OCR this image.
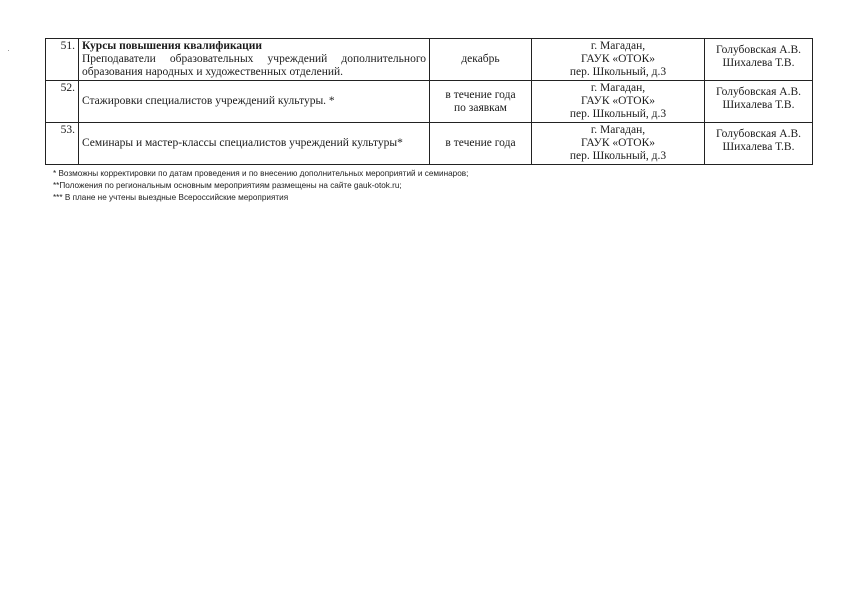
51.	Курсы повышения квалификации
Преподаватели образовательных учреждений дополнительного образования народных и художественных отделений.	декабрь	г. Магадан,
ГАУК «ОТОК»
пер. Школьный, д.3	Голубовская А.В.
Шихалева Т.В.

52.	Стажировки специалистов учреждений культуры. *	в течение года
по заявкам	г. Магадан,
ГАУК «ОТОК»
пер. Школьный, д.3	Голубовская А.В.
Шихалева Т.В.

53.	Семинары и мастер-классы специалистов учреждений культуры*	в течение года	г. Магадан,
ГАУК «ОТОК»
пер. Школьный, д.3	Голубовская А.В.
Шихалева Т.В.
* Возможны корректировки по датам проведения и по внесению дополнительных мероприятий и семинаров;
**Положения по региональным основным мероприятиям размещены на сайте gauk-otok.ru;
*** В плане не учтены выездные Всероссийские мероприятия
